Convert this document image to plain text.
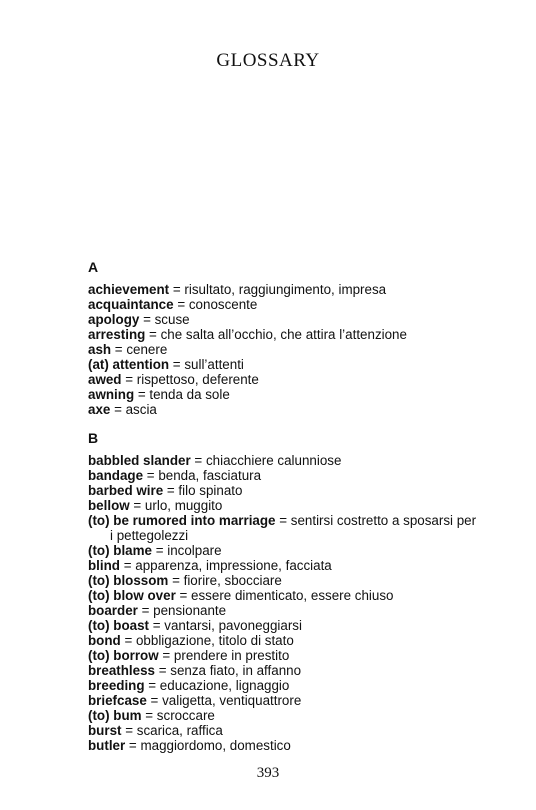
GLOSSARY
A
achievement = risultato, raggiungimento, impresa
acquaintance = conoscente
apology = scuse
arresting = che salta all’occhio, che attira l’attenzione
ash = cenere
(at) attention = sull’attenti
awed = rispettoso, deferente
awning = tenda da sole
axe = ascia
B
babbled slander = chiacchiere calunniose
bandage = benda, fasciatura
barbed wire = filo spinato
bellow = urlo, muggito
(to) be rumored into marriage = sentirsi costretto a sposarsi per i pettegolezzi
(to) blame = incolpare
blind = apparenza, impressione, facciata
(to) blossom = fiorire, sbocciare
(to) blow over = essere dimenticato, essere chiuso
boarder = pensionante
(to) boast = vantarsi, pavoneggiarsi
bond = obbligazione, titolo di stato
(to) borrow = prendere in prestito
breathless = senza fiato, in affanno
breeding = educazione, lignaggio
briefcase = valigetta, ventiquattrore
(to) bum = scroccare
burst = scarica, raffica
butler = maggiordomo, domestico
393
